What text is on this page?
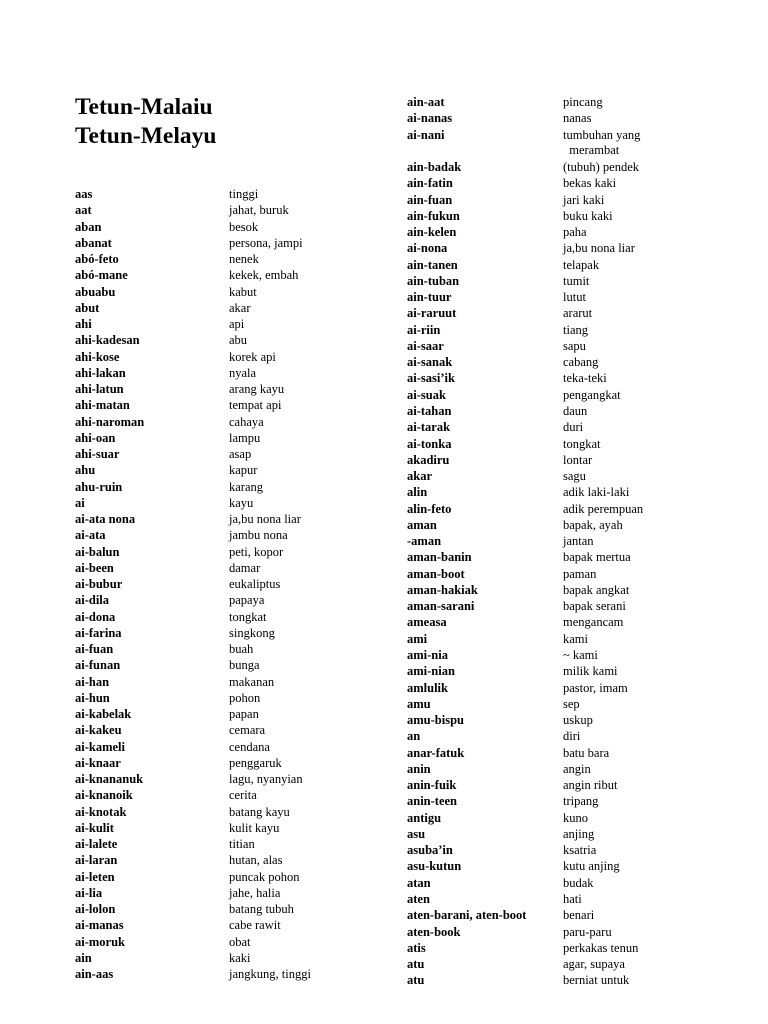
Tetun-Malaiu
Tetun-Melayu
aas	tinggi
aat	jahat, buruk
aban	besok
abanat	persona, jampi
abó-feto	nenek
abó-mane	kekek, embah
abuabu	kabut
abut	akar
ahi	api
ahi-kadesan	abu
ahi-kose	korek api
ahi-lakan	nyala
ahi-latun	arang kayu
ahi-matan	tempat api
ahi-naroman	cahaya
ahi-oan	lampu
ahi-suar	asap
ahu	kapur
ahu-ruin	karang
ai	kayu
ai-ata nona	ja,bu nona liar
ai-ata	jambu nona
ai-balun	peti, kopor
ai-been	damar
ai-bubur	eukaliptus
ai-dila	papaya
ai-dona	tongkat
ai-farina	singkong
ai-fuan	buah
ai-funan	bunga
ai-han	makanan
ai-hun	pohon
ai-kabelak	papan
ai-kakeu	cemara
ai-kameli	cendana
ai-knaar	penggaruk
ai-knananuk	lagu, nyanyian
ai-knanoik	cerita
ai-knotak	batang kayu
ai-kulit	kulit kayu
ai-lalete	titian
ai-laran	hutan, alas
ai-leten	puncak pohon
ai-lia	jahe, halia
ai-lolon	batang tubuh
ai-manas	cabe rawit
ai-moruk	obat
ain	kaki
ain-aas	jangkung, tinggi
ain-aat	pincang
ai-nanas	nanas
ai-nani	tumbuhan yang
merambat
ain-badak	(tubuh) pendek
ain-fatin	bekas kaki
ain-fuan	jari kaki
ain-fukun	buku kaki
ain-kelen	paha
ai-nona	ja,bu nona liar
ain-tanen	telapak
ain-tuban	tumit
ain-tuur	lutut
ai-raruut	ararut
ai-riin	tiang
ai-saar	sapu
ai-sanak	cabang
ai-sasi’ik	teka-teki
ai-suak	pengangkat
ai-tahan	daun
ai-tarak	duri
ai-tonka	tongkat
akadiru	lontar
akar	sagu
alin	adik laki-laki
alin-feto	adik perempuan
aman	bapak, ayah
-aman	jantan
aman-banin	bapak mertua
aman-boot	paman
aman-hakiak	bapak angkat
aman-sarani	bapak serani
ameasa	mengancam
ami	kami
ami-nia	~ kami
ami-nian	milik kami
amlulik	pastor, imam
amu	sep
amu-bispu	uskup
an	diri
anar-fatuk	batu bara
anin	angin
anin-fuik	angin ribut
anin-teen	tripang
antigu	kuno
asu	anjing
asuba’in	ksatria
asu-kutun	kutu anjing
atan	budak
aten	hati
aten-barani, aten-boot	benari
aten-book	paru-paru
atis	perkakas tenun
atu	agar, supaya
atu	berniat untuk
